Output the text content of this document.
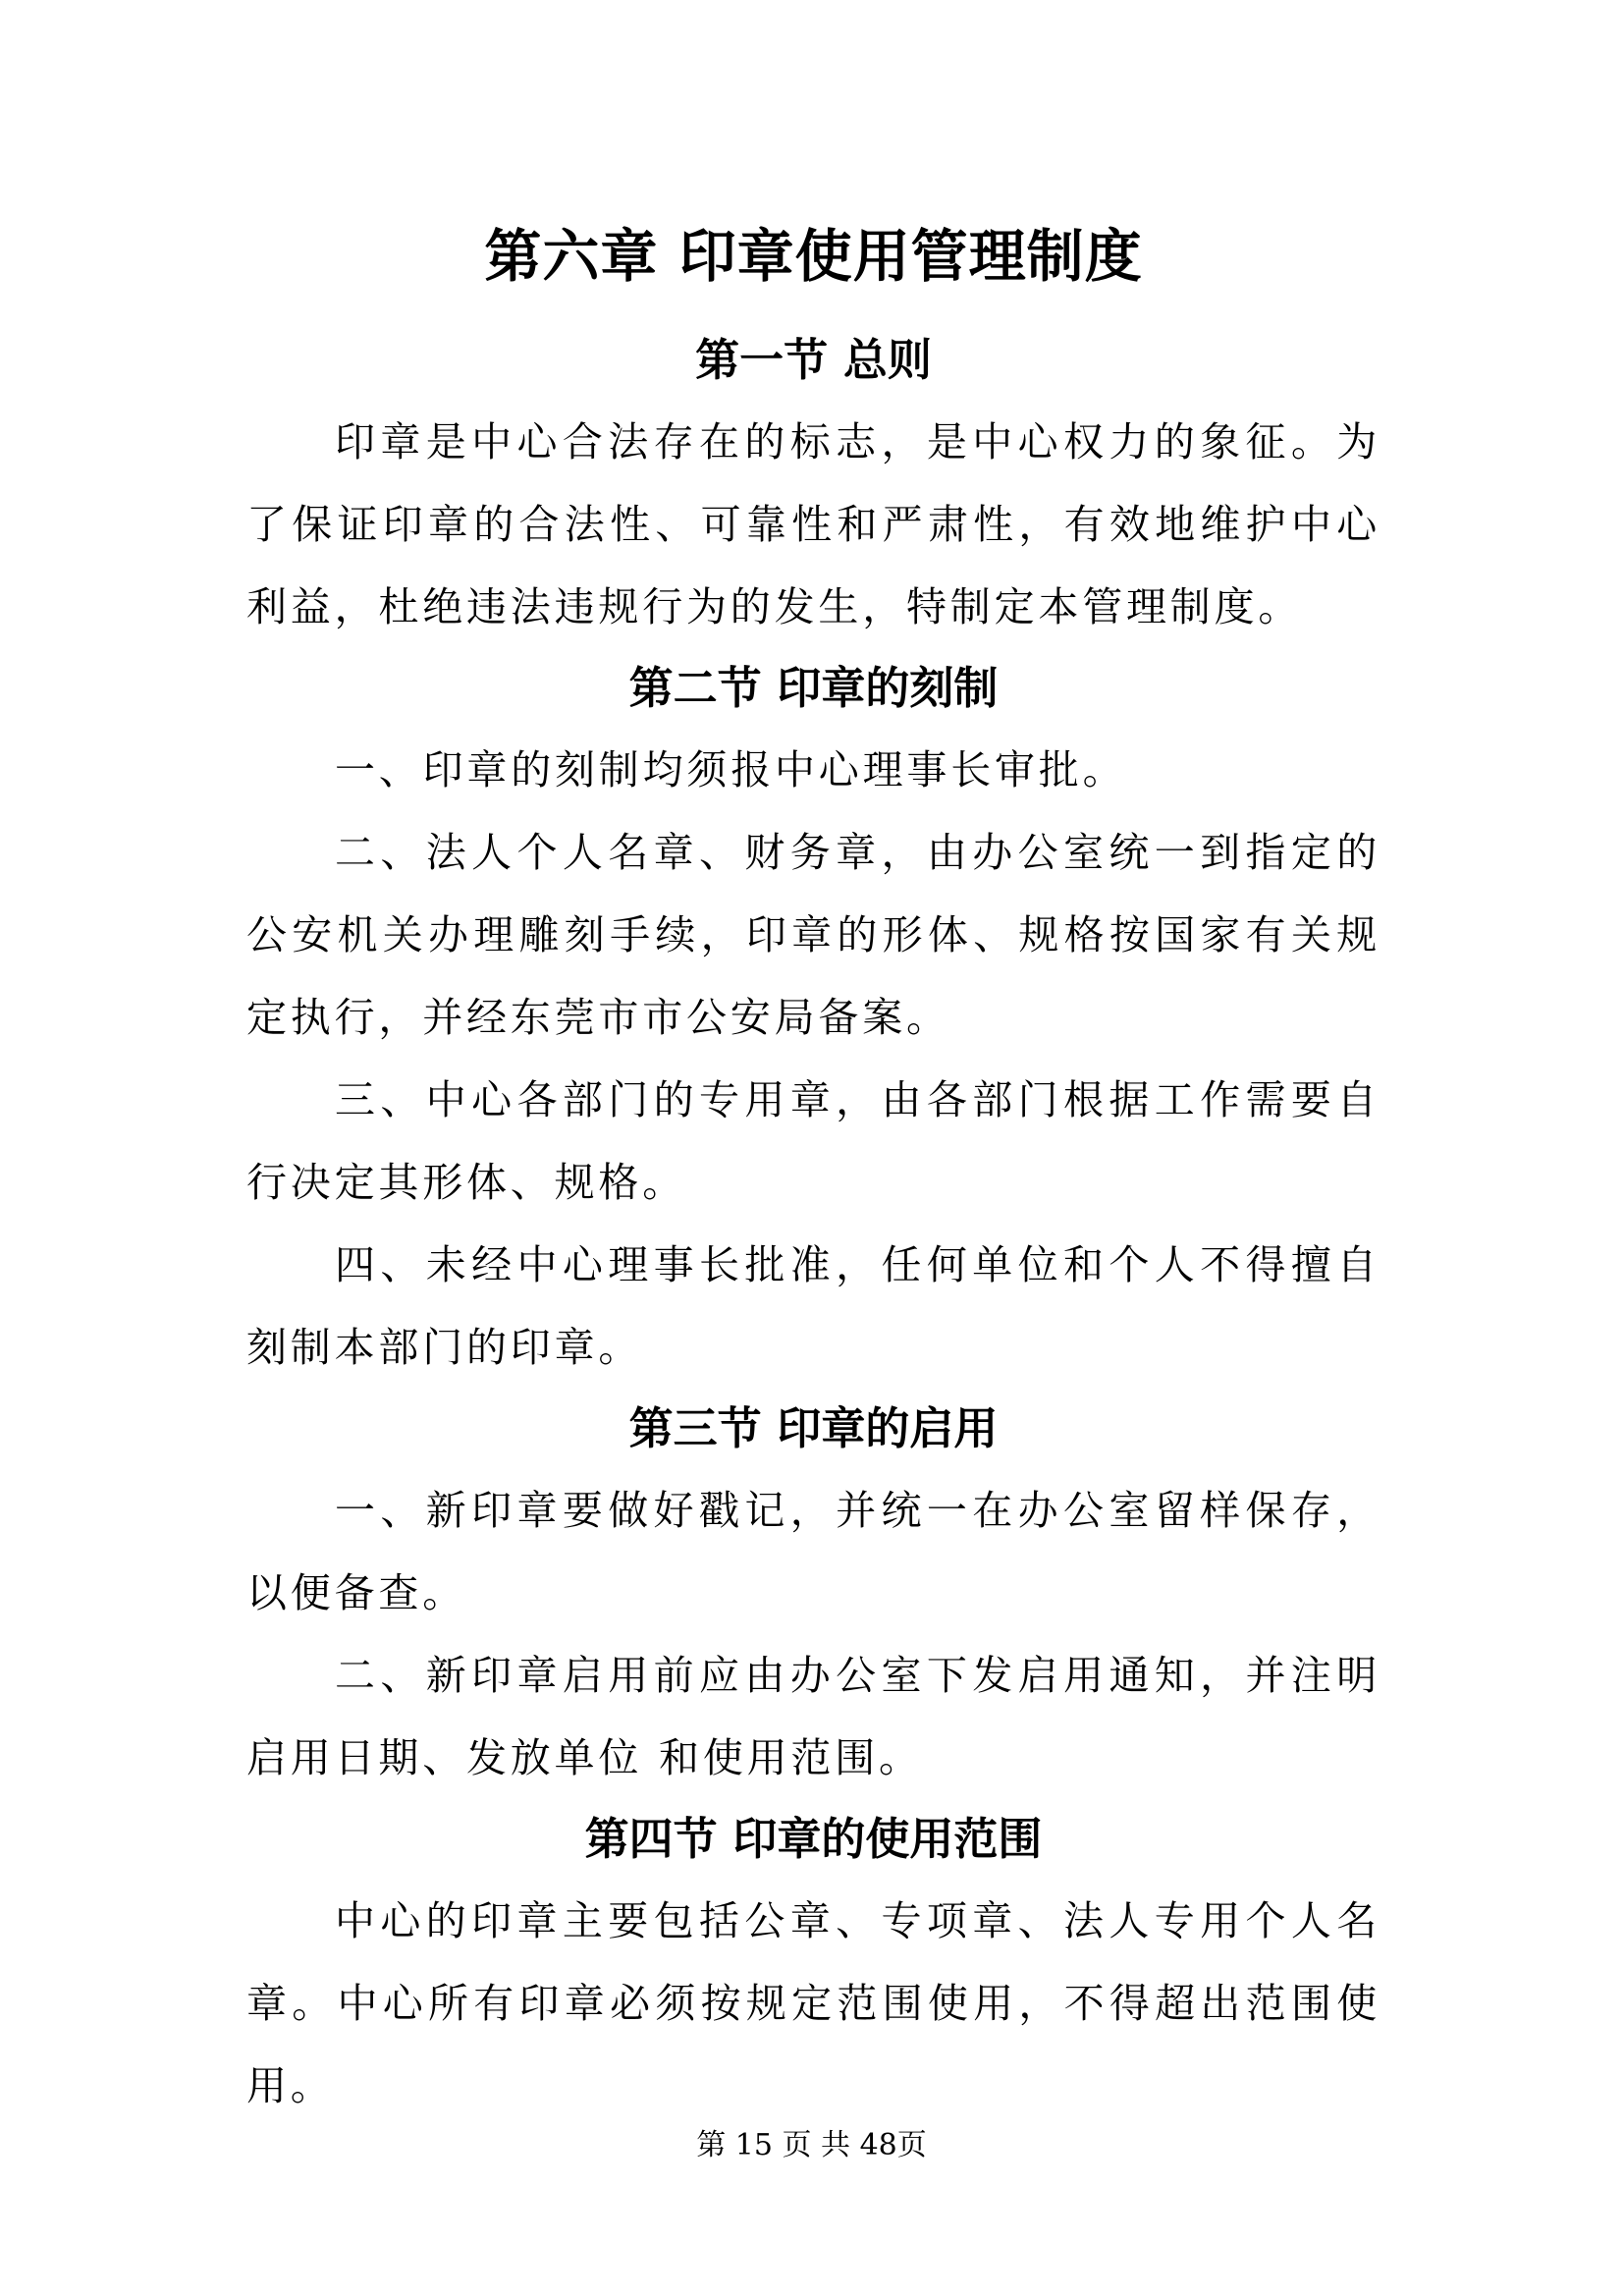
第六章 印章使用管理制度
第一节 总则

印章是中心合法存在的标志，是中心权力的象征。为了保证印章的合法性、可靠性和严肃性，有效地维护中心利益，杜绝违法违规行为的发生，特制定本管理制度。

第二节 印章的刻制

一、印章的刻制均须报中心理事长审批。

二、法人个人名章、财务章，由办公室统一到指定的公安机关办理雕刻手续，印章的形体、规格按国家有关规定执行，并经东莞市市公安局备案。

三、中心各部门的专用章，由各部门根据工作需要自行决定其形体、规格。

四、未经中心理事长批准，任何单位和个人不得擅自刻制本部门的印章。

第三节 印章的启用

一、新印章要做好戳记，并统一在办公室留样保存，以便备查。

二、新印章启用前应由办公室下发启用通知，并注明启用日期、发放单位 和使用范围。

第四节 印章的使用范围

中心的印章主要包括公章、专项章、法人专用个人名章。中心所有印章必须按规定范围使用，不得超出范围使用。

第 15 页 共 48页
